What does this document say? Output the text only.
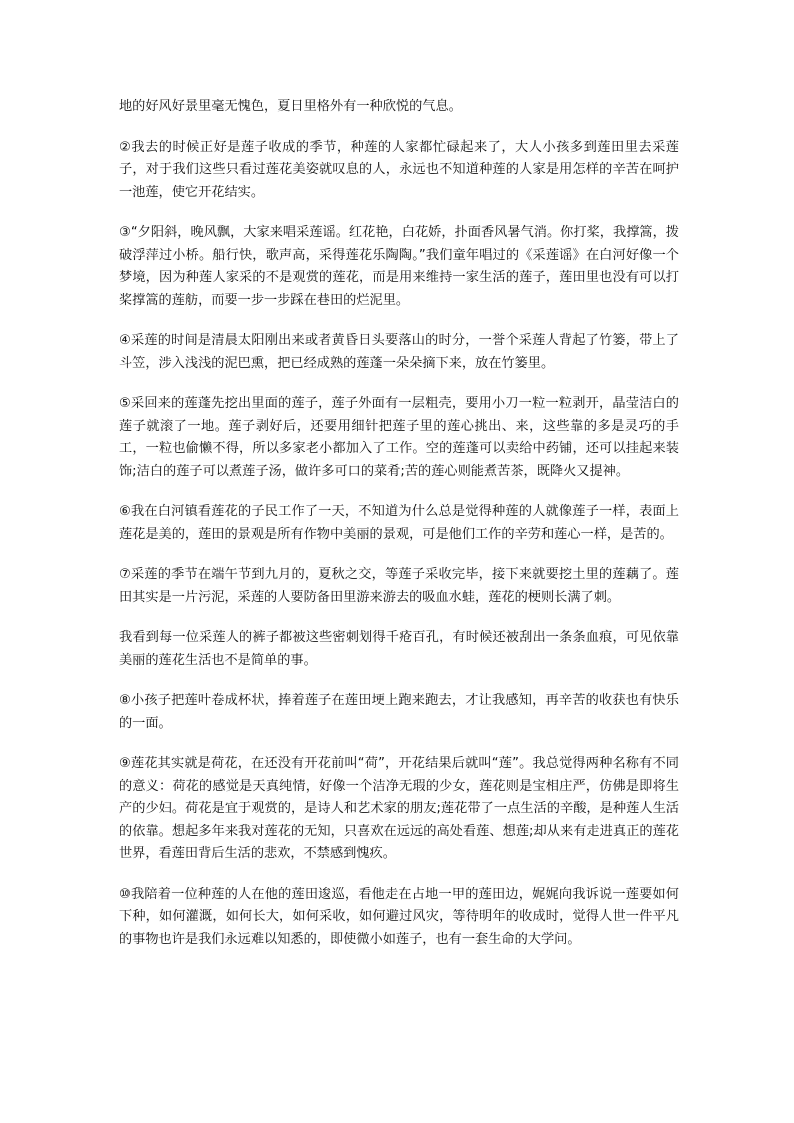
地的好风好景里毫无愧色，夏日里格外有一种欣悦的气息。

②我去的时候正好是莲子收成的季节，种莲的人家都忙碌起来了，大人小孩多到莲田里去采莲子，对于我们这些只看过莲花美姿就叹息的人，永远也不知道种莲的人家是用怎样的辛苦在呵护一池莲，使它开花结实。

③“夕阳斜，晚风飘，大家来唱采莲谣。红花艳，白花娇，扑面香风暑气消。你打桨，我撑篙，拨破浮萍过小桥。船行快，歌声高，采得莲花乐陶陶。”我们童年唱过的《采莲谣》在白河好像一个梦境，因为种莲人家采的不是观赏的莲花，而是用来维持一家生活的莲子，莲田里也没有可以打桨撑篙的莲舫，而要一步一步踩在巷田的烂泥里。

④采莲的时间是清晨太阳刚出来或者黄昏日头要落山的时分，一誉个采莲人背起了竹篓，带上了斗笠，涉入浅浅的泥巴熏，把已经成熟的莲蓬一朵朵摘下来，放在竹篓里。

⑤采回来的莲蓬先挖出里面的莲子，莲子外面有一层粗壳，要用小刀一粒一粒剥开，晶莹洁白的莲子就滚了一地。莲子剥好后，还要用细针把莲子里的莲心挑出、来，这些靠的多是灵巧的手工，一粒也偷懒不得，所以多家老小都加入了工作。空的莲蓬可以卖给中药铺，还可以挂起来装饰;洁白的莲子可以煮莲子汤，做许多可口的菜肴;苦的莲心则能煮苦茶，既降火又提神。

⑥我在白河镇看莲花的子民工作了一天，不知道为什么总是觉得种莲的人就像莲子一样，表面上莲花是美的，莲田的景观是所有作物中美丽的景观，可是他们工作的辛劳和莲心一样，是苦的。

⑦采莲的季节在端午节到九月的，夏秋之交，等莲子采收完毕，接下来就要挖土里的莲藕了。莲田其实是一片污泥，采莲的人要防备田里游来游去的吸血水蛙，莲花的梗则长满了刺。

我看到每一位采莲人的裤子都被这些密刺划得千疮百孔，有时候还被刮出一条条血痕，可见依靠美丽的莲花生活也不是简单的事。

⑧小孩子把莲叶卷成杯状，捧着莲子在莲田埂上跑来跑去，才让我感知，再辛苦的收获也有快乐的一面。

⑨莲花其实就是荷花，在还没有开花前叫“荷”，开花结果后就叫“莲”。我总觉得两种名称有不同的意义：荷花的感觉是天真纯情，好像一个洁净无瑕的少女，莲花则是宝相庄严，仿佛是即将生产的少妇。荷花是宜于观赏的，是诗人和艺术家的朋友;莲花带了一点生活的辛酸，是种莲人生活的依靠。想起多年来我对莲花的无知，只喜欢在远远的高处看莲、想莲;却从来有走进真正的莲花世界，看莲田背后生活的悲欢，不禁感到愧疚。

⑩我陪着一位种莲的人在他的莲田逡巡，看他走在占地一甲的莲田边，娓娓向我诉说一莲要如何下种，如何灌溉，如何长大，如何采收，如何避过风灾，等待明年的收成时，觉得人世一件平凡的事物也许是我们永远难以知悉的，即使微小如莲子，也有一套生命的大学问。
